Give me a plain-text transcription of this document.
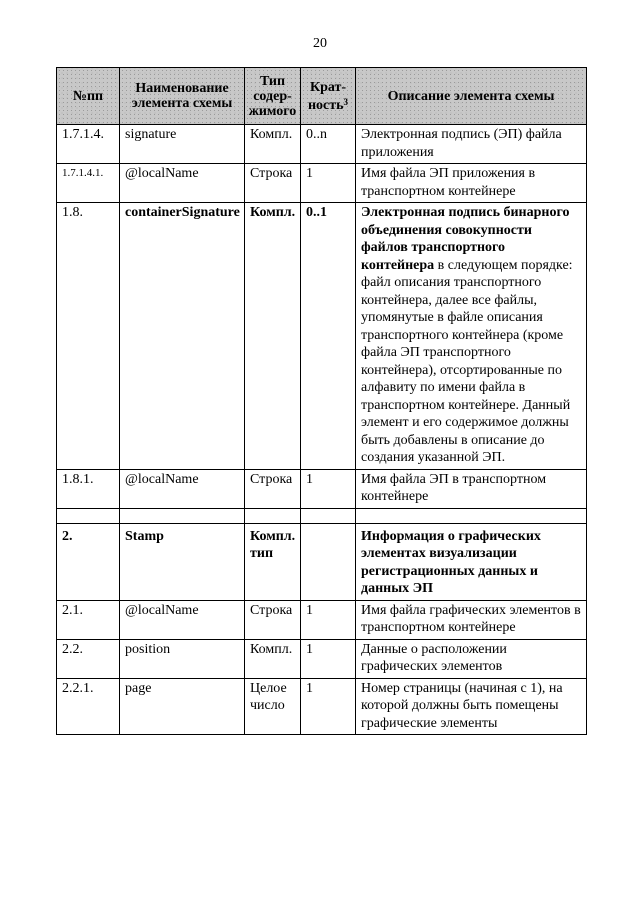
20
№пп	Наименование элемента схемы	Тип содер-жимого	Крат-ность$^3$	Описание элемента схемы
1.7.1.4.	signature	Компл.	0..n	Электронная подпись (ЭП) файла приложения
1.7.1.4.1.	@localName	Строка	1	Имя файла ЭП приложения в транспортном контейнере
1.8.	containerSignature	Компл.	0..1	Электронная подпись бинарного объединения совокупности файлов транспортного контейнера в следующем порядке: файл описания транспортного контейнера, далее все файлы, упомянутые в файле описания транспортного контейнера (кроме файла ЭП транспортного контейнера), отсортированные по алфавиту по имени файла в транспортном контейнере. Данный элемент и его содержимое должны быть добавлены в описание до создания указанной ЭП.
1.8.1.	@localName	Строка	1	Имя файла ЭП в транспортном контейнере

2.	Stamp	Компл. тип		Информация о графических элементах визуализации регистрационных данных и данных ЭП
2.1.	@localName	Строка	1	Имя файла графических элементов в транспортном контейнере
2.2.	position	Компл.	1	Данные о расположении графических элементов
2.2.1.	page	Целое число	1	Номер страницы (начиная с 1), на которой должны быть помещены графические элементы
